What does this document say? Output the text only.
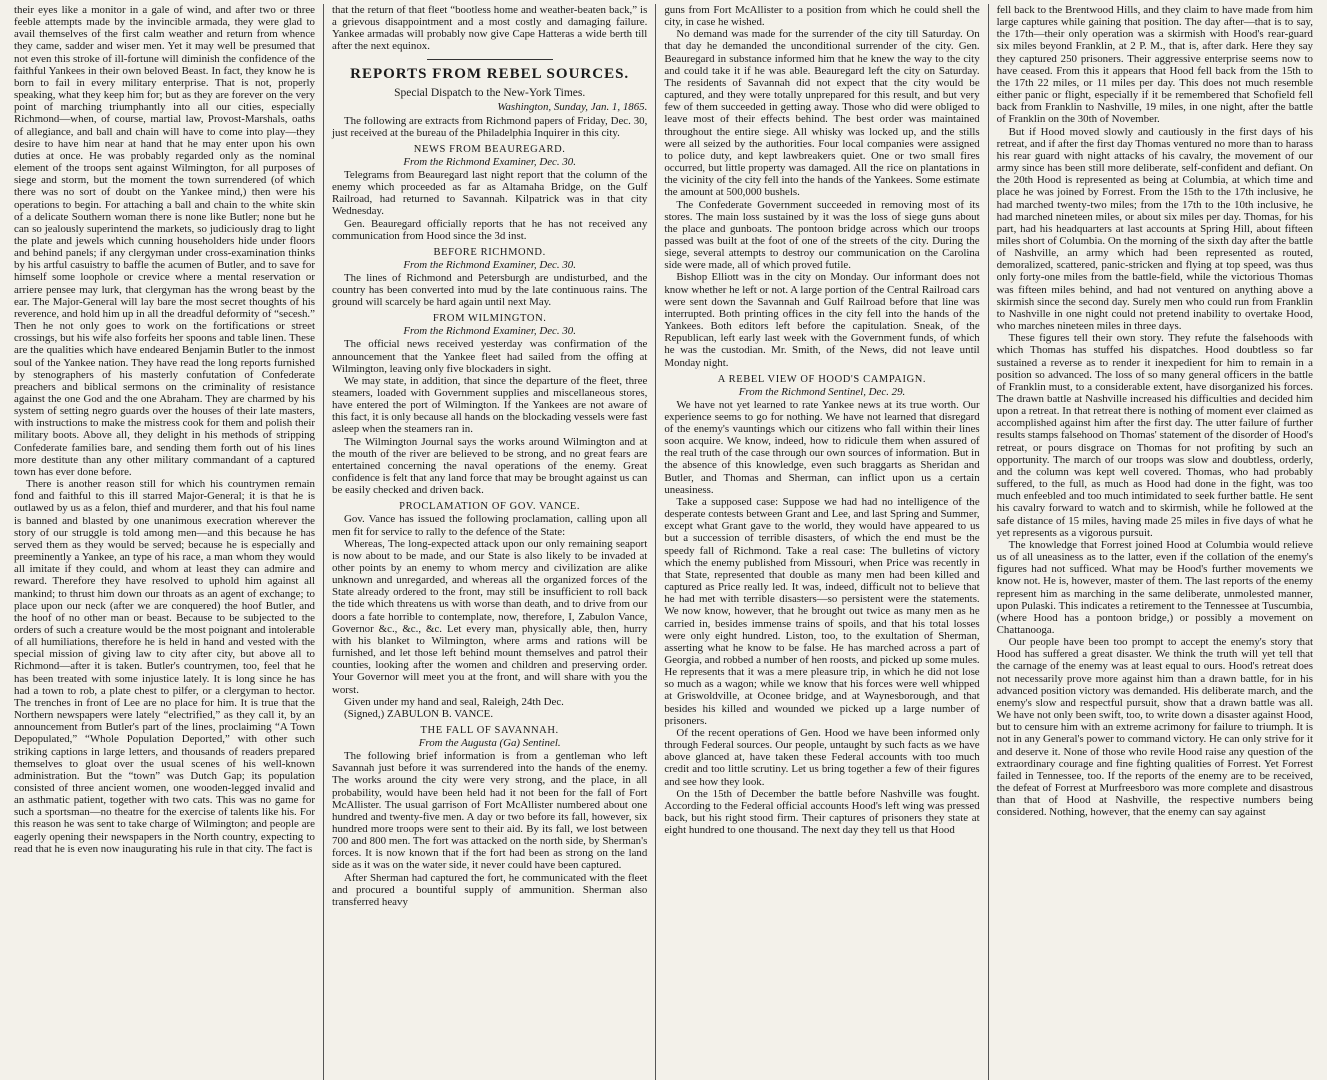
their eyes like a monitor in a gale of wind, and after two or three feeble attempts made by the invincible armada, they were glad to avail themselves of the first calm weather and return from whence they came, sadder and wiser men. Yet it may well be presumed that not even this stroke of ill-fortune will diminish the confidence of the faithful Yankees in their own beloved Beast. In fact, they know he is born to fail in every military enterprise. That is not, properly speaking, what they keep him for; but as they are forever on the very point of marching triumphantly into all our cities, especially Richmond—when, of course, martial law, Provost-Marshals, oaths of allegiance, and ball and chain will have to come into play—they desire to have him near at hand that he may enter upon his own duties at once. He was probably regarded only as the nominal element of the troops sent against Wilmington, for all purposes of siege and storm, but the moment the town surrendered (of which there was no sort of doubt on the Yankee mind,) then were his operations to begin. For attaching a ball and chain to the white skin of a delicate Southern woman there is none like Butler; none but he can so jealously superintend the markets, so judiciously drag to light the plate and jewels which cunning householders hide under floors and behind panels; if any clergyman under cross-examination thinks by his artful casuistry to baffle the acumen of Butler, and to save for himself some loophole or crevice where a mental reservation or arriere pensee may lurk, that clergyman has the wrong beast by the ear. The Major-General will lay bare the most secret thoughts of his reverence, and hold him up in all the dreadful deformity of “secesh.” Then he not only goes to work on the fortifications or street crossings, but his wife also forfeits her spoons and table linen. These are the qualities which have endeared Benjamin Butler to the inmost soul of the Yankee nation. They have read the long reports furnished by stenographers of his masterly confutation of Confederate preachers and biblical sermons on the criminality of resistance against the one God and the one Abraham. They are charmed by his system of setting negro guards over the houses of their late masters, with instructions to make the mistress cook for them and polish their military boots. Above all, they delight in his methods of stripping Confederate families bare, and sending them forth out of his lines more destitute than any other military commandant of a captured town has ever done before.

There is another reason still for which his countrymen remain fond and faithful to this ill starred Major-General; it is that he is outlawed by us as a felon, thief and murderer, and that his foul name is banned and blasted by one unanimous execration wherever the story of our struggle is told among men—and this because he has served them as they would be served; because he is especially and preeminently a Yankee, an type of his race, a man whom they would all imitate if they could, and whom at least they can admire and reward. Therefore they have resolved to uphold him against all mankind; to thrust him down our throats as an agent of exchange; to place upon our neck (after we are conquered) the hoof Butler, and the hoof of no other man or beast. Because to be subjected to the orders of such a creature would be the most poignant and intolerable of all humiliations, therefore he is held in hand and vested with the special mission of giving law to city after city, but above all to Richmond—after it is taken. Butler's countrymen, too, feel that he has been treated with some injustice lately. It is long since he has had a town to rob, a plate chest to pilfer, or a clergyman to hector. The trenches in front of Lee are no place for him. It is true that the Northern newspapers were lately “electrified,” as they call it, by an announcement from Butler's part of the lines, proclaiming “A Town Depopulated,” “Whole Population Deported,” with other such striking captions in large letters, and thousands of readers prepared themselves to gloat over the usual scenes of his well-known administration. But the “town” was Dutch Gap; its population consisted of three ancient women, one wooden-legged invalid and an asthmatic patient, together with two cats. This was no game for such a sportsman—no theatre for the exercise of talents like his. For this reason he was sent to take charge of Wilmington; and people are eagerly opening their newspapers in the North country, expecting to read that he is even now inaugurating his rule in that city. The fact is

that the return of that fleet “bootless home and weather-beaten back,” is a grievous disappointment and a most costly and damaging failure. Yankee armadas will probably now give Cape Hatteras a wide berth till after the next equinox.

REPORTS FROM REBEL SOURCES.
Special Dispatch to the New-York Times.
Washington, Sunday, Jan. 1, 1865.

The following are extracts from Richmond papers of Friday, Dec. 30, just received at the bureau of the Philadelphia Inquirer in this city.

NEWS FROM BEAUREGARD.
From the Richmond Examiner, Dec. 30.

Telegrams from Beauregard last night report that the column of the enemy which proceeded as far as Altamaha Bridge, on the Gulf Railroad, had returned to Savannah. Kilpatrick was in that city Wednesday.

Gen. Beauregard officially reports that he has not received any communication from Hood since the 3d inst.

BEFORE RICHMOND.
From the Richmond Examiner, Dec. 30.

The lines of Richmond and Petersburgh are undisturbed, and the country has been converted into mud by the late continuous rains. The ground will scarcely be hard again until next May.

FROM WILMINGTON.
From the Richmond Examiner, Dec. 30.

The official news received yesterday was confirmation of the announcement that the Yankee fleet had sailed from the offing at Wilmington, leaving only five blockaders in sight.

We may state, in addition, that since the departure of the fleet, three steamers, loaded with Government supplies and miscellaneous stores, have entered the port of Wilmington. If the Yankees are not aware of this fact, it is only because all hands on the blockading vessels were fast asleep when the steamers ran in.

The Wilmington Journal says the works around Wilmington and at the mouth of the river are believed to be strong, and no great fears are entertained concerning the naval operations of the enemy. Great confidence is felt that any land force that may be brought against us can be easily checked and driven back.

PROCLAMATION OF GOV. VANCE.

Gov. Vance has issued the following proclamation, calling upon all men fit for service to rally to the defence of the State:

Whereas, The long-expected attack upon our only remaining seaport is now about to be made, and our State is also likely to be invaded at other points by an enemy to whom mercy and civilization are alike unknown and unregarded, and whereas all the organized forces of the State already ordered to the front, may still be insufficient to roll back the tide which threatens us with worse than death, and to drive from our doors a fate horrible to contemplate, now, therefore, I, Zabulon Vance, Governor &c., &c., &c. Let every man, physically able, then, hurry with his blanket to Wilmington, where arms and rations will be furnished, and let those left behind mount themselves and patrol their counties, looking after the women and children and preserving order. Your Governor will meet you at the front, and will share with you the worst.

Given under my hand and seal, Raleigh, 24th Dec.

(Signed,) ZABULON B. VANCE.

THE FALL OF SAVANNAH.
From the Augusta (Ga) Sentinel.

The following brief information is from a gentleman who left Savannah just before it was surrendered into the hands of the enemy. The works around the city were very strong, and the place, in all probability, would have been held had it not been for the fall of Fort McAllister. The usual garrison of Fort McAllister numbered about one hundred and twenty-five men. A day or two before its fall, however, six hundred more troops were sent to their aid. By its fall, we lost between 700 and 800 men. The fort was attacked on the north side, by Sherman's forces. It is now known that if the fort had been as strong on the land side as it was on the water side, it never could have been captured.

After Sherman had captured the fort, he communicated with the fleet and procured a bountiful supply of ammunition. Sherman also transferred heavy

guns from Fort McAllister to a position from which he could shell the city, in case he wished.

No demand was made for the surrender of the city till Saturday. On that day he demanded the unconditional surrender of the city. Gen. Beauregard in substance informed him that he knew the way to the city and could take it if he was able. Beauregard left the city on Saturday. The residents of Savannah did not expect that the city would be captured, and they were totally unprepared for this result, and but very few of them succeeded in getting away. Those who did were obliged to leave most of their effects behind. The best order was maintained throughout the entire siege. All whisky was locked up, and the stills were all seized by the authorities. Four local companies were assigned to police duty, and kept lawbreakers quiet. One or two small fires occurred, but little property was damaged. All the rice on plantations in the vicinity of the city fell into the hands of the Yankees. Some estimate the amount at 500,000 bushels.

The Confederate Government succeeded in removing most of its stores. The main loss sustained by it was the loss of siege guns about the place and gunboats. The pontoon bridge across which our troops passed was built at the foot of one of the streets of the city. During the siege, several attempts to destroy our communication on the Carolina side were made, all of which proved futile.

Bishop Elliott was in the city on Monday. Our informant does not know whether he left or not. A large portion of the Central Railroad cars were sent down the Savannah and Gulf Railroad before that line was interrupted. Both printing offices in the city fell into the hands of the Yankees. Both editors left before the capitulation. Sneak, of the Republican, left early last week with the Government funds, of which he was the custodian. Mr. Smith, of the News, did not leave until Monday night.

A REBEL VIEW OF HOOD'S CAMPAIGN.
From the Richmond Sentinel, Dec. 29.

We have not yet learned to rate Yankee news at its true worth. Our experience seems to go for nothing. We have not learned that disregard of the enemy's vauntings which our citizens who fall within their lines soon acquire. We know, indeed, how to ridicule them when assured of the real truth of the case through our own sources of information. But in the absence of this knowledge, even such braggarts as Sheridan and Butler, and Thomas and Sherman, can inflict upon us a certain uneasiness.

Take a supposed case: Suppose we had had no intelligence of the desperate contests between Grant and Lee, and last Spring and Summer, except what Grant gave to the world, they would have appeared to us but a succession of terrible disasters, of which the end must be the speedy fall of Richmond. Take a real case: The bulletins of victory which the enemy published from Missouri, when Price was recently in that State, represented that double as many men had been killed and captured as Price really led. It was, indeed, difficult not to believe that he had met with terrible disasters—so persistent were the statements. We now know, however, that he brought out twice as many men as he carried in, besides immense trains of spoils, and that his total losses were only eight hundred. Liston, too, to the exultation of Sherman, asserting what he know to be false. He has marched across a part of Georgia, and robbed a number of hen roosts, and picked up some mules. He represents that it was a mere pleasure trip, in which he did not lose so much as a wagon; while we know that his forces were well whipped at Griswoldville, at Oconee bridge, and at Waynesborough, and that besides his killed and wounded we picked up a large number of prisoners.

Of the recent operations of Gen. Hood we have been informed only through Federal sources. Our people, untaught by such facts as we have above glanced at, have taken these Federal accounts with too much credit and too little scrutiny. Let us bring together a few of their figures and see how they look.

On the 15th of December the battle before Nashville was fought. According to the Federal official accounts Hood's left wing was pressed back, but his right stood firm. Their captures of prisoners they state at eight hundred to one thousand. The next day they tell us that Hood

fell back to the Brentwood Hills, and they claim to have made from him large captures while gaining that position. The day after—that is to say, the 17th—their only operation was a skirmish with Hood's rear-guard six miles beyond Franklin, at 2 P. M., that is, after dark. Here they say they captured 250 prisoners. Their aggressive enterprise seems now to have ceased. From this it appears that Hood fell back from the 15th to the 17th 22 miles, or 11 miles per day. This does not much resemble either panic or flight, especially if it be remembered that Schofield fell back from Franklin to Nashville, 19 miles, in one night, after the battle of Franklin on the 30th of November.

But if Hood moved slowly and cautiously in the first days of his retreat, and if after the first day Thomas ventured no more than to harass his rear guard with night attacks of his cavalry, the movement of our army since has been still more deliberate, self-confident and defiant. On the 20th Hood is represented as being at Columbia, at which time and place he was joined by Forrest. From the 15th to the 17th inclusive, he had marched twenty-two miles; from the 17th to the 10th inclusive, he had marched nineteen miles, or about six miles per day. Thomas, for his part, had his headquarters at last accounts at Spring Hill, about fifteen miles short of Columbia. On the morning of the sixth day after the battle of Nashville, an army which had been represented as routed, demoralized, scattered, panic-stricken and flying at top speed, was thus only forty-one miles from the battle-field, while the victorious Thomas was fifteen miles behind, and had not ventured on anything above a skirmish since the second day. Surely men who could run from Franklin to Nashville in one night could not pretend inability to overtake Hood, who marches nineteen miles in three days.

These figures tell their own story. They refute the falsehoods with which Thomas has stuffed his dispatches. Hood doubtless so far sustained a reverse as to render it inexpedient for him to remain in a position so advanced. The loss of so many general officers in the battle of Franklin must, to a considerable extent, have disorganized his forces. The drawn battle at Nashville increased his difficulties and decided him upon a retreat. In that retreat there is nothing of moment ever claimed as accomplished against him after the first day. The utter failure of further results stamps falsehood on Thomas' statement of the disorder of Hood's retreat, or pours disgrace on Thomas for not profiting by such an opportunity. The march of our troops was slow and doubtless, orderly, and the column was kept well covered. Thomas, who had probably suffered, to the full, as much as Hood had done in the fight, was too much enfeebled and too much intimidated to seek further battle. He sent his cavalry forward to watch and to skirmish, while he followed at the safe distance of 15 miles, having made 25 miles in five days of what he yet represents as a vigorous pursuit.

The knowledge that Forrest joined Hood at Columbia would relieve us of all uneasiness as to the latter, even if the collation of the enemy's figures had not sufficed. What may be Hood's further movements we know not. He is, however, master of them. The last reports of the enemy represent him as marching in the same deliberate, unmolested manner, upon Pulaski. This indicates a retirement to the Tennessee at Tuscumbia, (where Hood has a pontoon bridge,) or possibly a movement on Chattanooga.

Our people have been too prompt to accept the enemy's story that Hood has suffered a great disaster. We think the truth will yet tell that the carnage of the enemy was at least equal to ours. Hood's retreat does not necessarily prove more against him than a drawn battle, for in his advanced position victory was demanded. His deliberate march, and the enemy's slow and respectful pursuit, show that a drawn battle was all. We have not only been swift, too, to write down a disaster against Hood, but to censure him with an extreme acrimony for failure to triumph. It is not in any General's power to command victory. He can only strive for it and deserve it. None of those who revile Hood raise any question of the extraordinary courage and fine fighting qualities of Forrest. Yet Forrest failed in Tennessee, too. If the reports of the enemy are to be received, the defeat of Forrest at Murfreesboro was more complete and disastrous than that of Hood at Nashville, the respective numbers being considered. Nothing, however, that the enemy can say against
